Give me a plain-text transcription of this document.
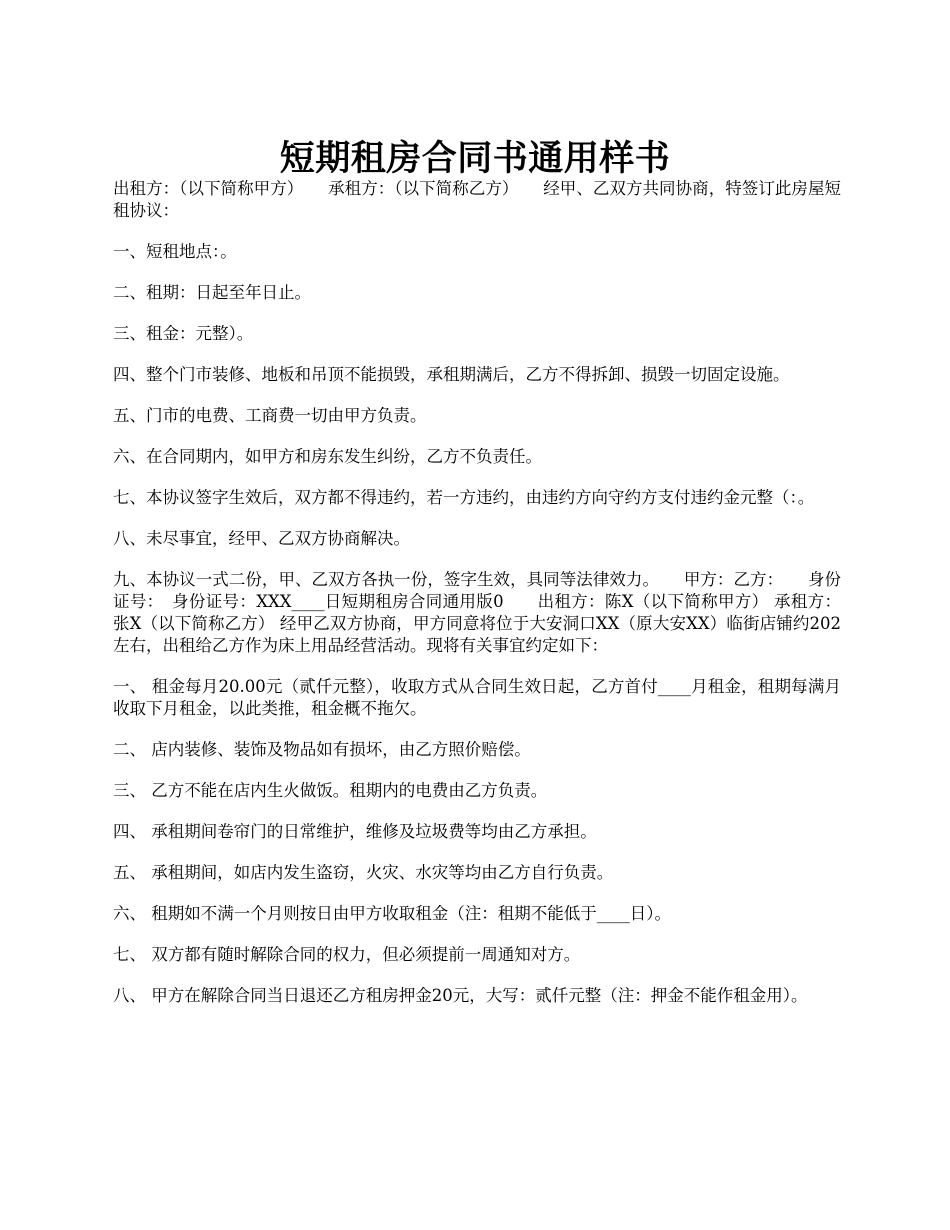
短期租房合同书通用样书

出租方：（以下简称甲方）　　承租方：（以下简称乙方）　　经甲、乙双方共同协商，特签订此房屋短租协议：

一、短租地点：。

二、租期：日起至年日止。

三、租金：元整）。

四、整个门市装修、地板和吊顶不能损毁，承租期满后，乙方不得拆卸、损毁一切固定设施。

五、门市的电费、工商费一切由甲方负责。

六、在合同期内，如甲方和房东发生纠纷，乙方不负责任。

七、本协议签字生效后，双方都不得违约，若一方违约，由违约方向守约方支付违约金元整（：。

八、未尽事宜，经甲、乙双方协商解决。

九、本协议一式二份，甲、乙双方各执一份，签字生效，具同等法律效力。　　甲方：乙方：　　身份证号：　身份证号：XXX____日短期租房合同通用版0　　出租方：陈X（以下简称甲方） 承租方：张X（以下简称乙方） 经甲乙双方协商，甲方同意将位于大安洞口XX（原大安XX）临街店铺约202左右，出租给乙方作为床上用品经营活动。现将有关事宜约定如下：

一、 租金每月20.00元（贰仟元整），收取方式从合同生效日起，乙方首付____月租金，租期每满月收取下月租金，以此类推，租金概不拖欠。

二、 店内装修、装饰及物品如有损坏，由乙方照价赔偿。

三、 乙方不能在店内生火做饭。租期内的电费由乙方负责。

四、 承租期间卷帘门的日常维护，维修及垃圾费等均由乙方承担。

五、 承租期间，如店内发生盗窃，火灾、水灾等均由乙方自行负责。

六、 租期如不满一个月则按日由甲方收取租金（注：租期不能低于____日）。

七、 双方都有随时解除合同的权力，但必须提前一周通知对方。

八、 甲方在解除合同当日退还乙方租房押金20元，大写：贰仟元整（注：押金不能作租金用）。
